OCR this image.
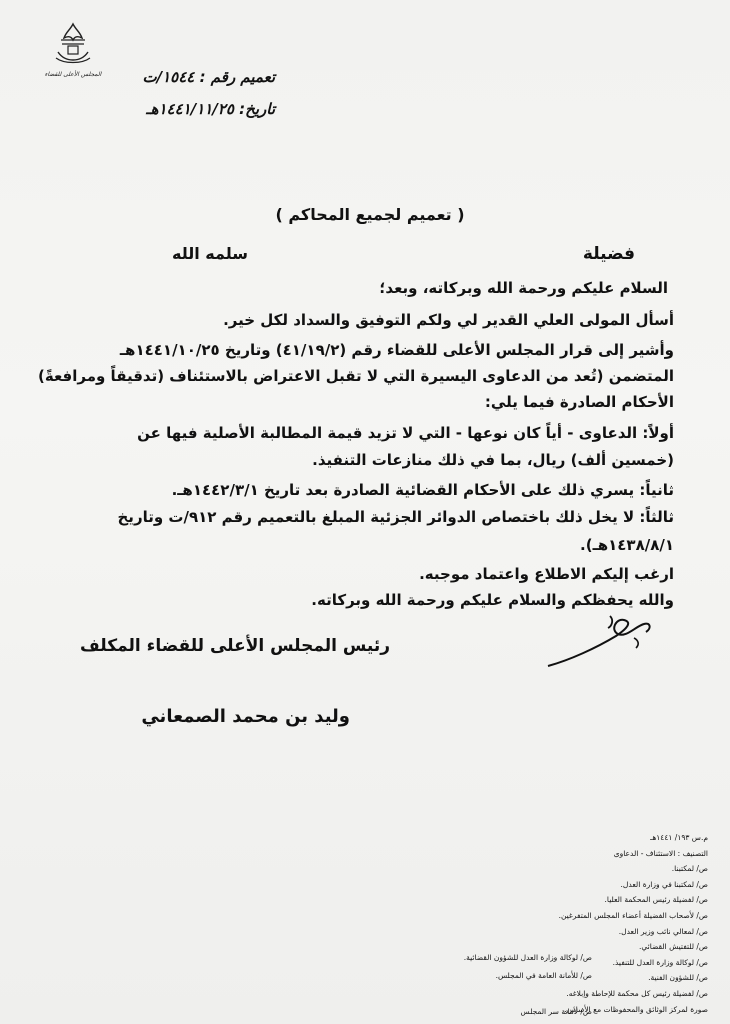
المجلس الأعلى للقضاء	تعميم رقم : ١٥٤٤/ت
تاريخ: ١٤٤١/١١/٢٥هـ
( تعميم لجميع المحاكم )
فضيلة
سلمه الله
السلام عليكم ورحمة الله وبركاته، وبعد؛
أسأل المولى العلي القدير لي ولكم التوفيق والسداد لكل خير.
وأشير إلى قرار المجلس الأعلى للقضاء رقم (٤١/١٩/٢) وتاريخ ١٤٤١/١٠/٢٥هـ
المتضمن (تُعد من الدعاوى اليسيرة التي لا تقبل الاعتراض بالاستئناف (تدقيقاً ومرافعةً)
الأحكام الصادرة فيما يلي:
أولاً: الدعاوى - أياً كان نوعها - التي لا تزيد قيمة المطالبة الأصلية فيها عن
(خمسين ألف) ريال، بما في ذلك منازعات التنفيذ.
ثانياً: يسري ذلك على الأحكام القضائية الصادرة بعد تاريخ ١٤٤٢/٣/١هـ.
ثالثاً: لا يخل ذلك باختصاص الدوائر الجزئية المبلغ بالتعميم رقم ٩١٢/ت وتاريخ
١٤٣٨/٨/١هـ).
ارغب إليكم الاطلاع واعتماد موجبه.
والله يحفظكم والسلام عليكم ورحمة الله وبركاته.
رئيس المجلس الأعلى للقضاء المكلف
وليد بن محمد الصمعاني
م.س ١٩٣/ ١٤٤١هـ
التصنيف : الاستئناف - الدعاوى
ص/ لمكتبنا.
ص/ لمكتبنا في وزارة العدل.
ص/ لفضيلة رئيس المحكمة العليا.
ص/ لأصحاب الفضيلة أعضاء المجلس المتفرغين.
ص/ لمعالي نائب وزير العدل.
ص/ للتفتيش القضائي.
ص/ لوكالة وزارة العدل للتنفيذ.
ص/ للشؤون الفنية.
ص/ لفضيلة رئيس كل محكمة للإحاطة وإبلاغه.
صورة لمركز الوثائق والمحفوظات مع الأساس.
ص/ لوكالة وزارة العدل للشؤون القضائية.
ص/ للأمانة العامة في المجلس.
ص/ لأمانة سر المجلس
